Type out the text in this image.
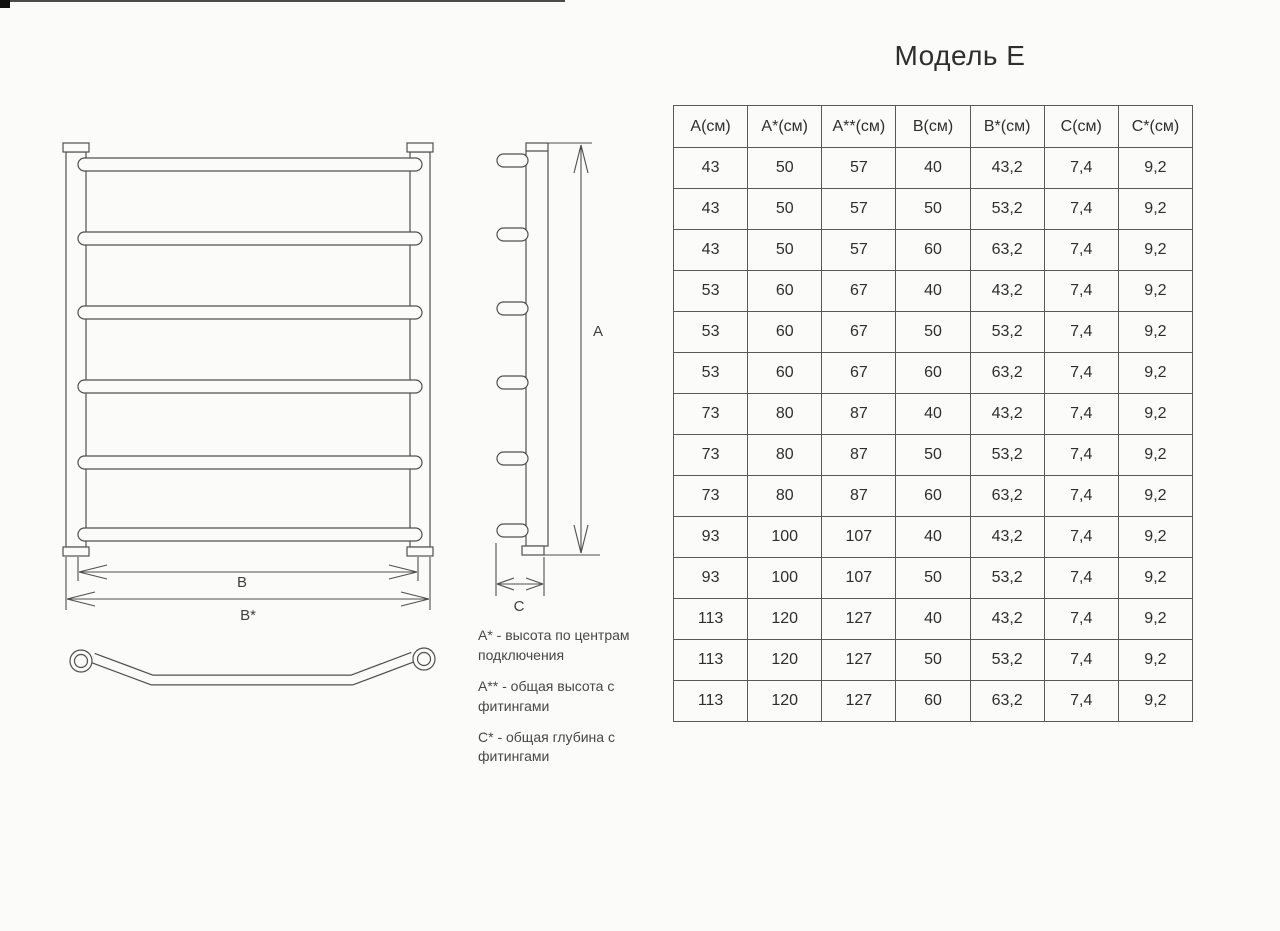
B
B*
A
C
Модель Е
А(см)	А*(см)	А**(см)	В(см)	В*(см)	С(см)	С*(см)
43	50	57	40	43,2	7,4	9,2
43	50	57	50	53,2	7,4	9,2
43	50	57	60	63,2	7,4	9,2
53	60	67	40	43,2	7,4	9,2
53	60	67	50	53,2	7,4	9,2
53	60	67	60	63,2	7,4	9,2
73	80	87	40	43,2	7,4	9,2
73	80	87	50	53,2	7,4	9,2
73	80	87	60	63,2	7,4	9,2
93	100	107	40	43,2	7,4	9,2
93	100	107	50	53,2	7,4	9,2
113	120	127	40	43,2	7,4	9,2
113	120	127	50	53,2	7,4	9,2
113	120	127	60	63,2	7,4	9,2

А* - высота по центрам подключения

А** - общая высота с фитингами

С* - общая глубина с фитингами
